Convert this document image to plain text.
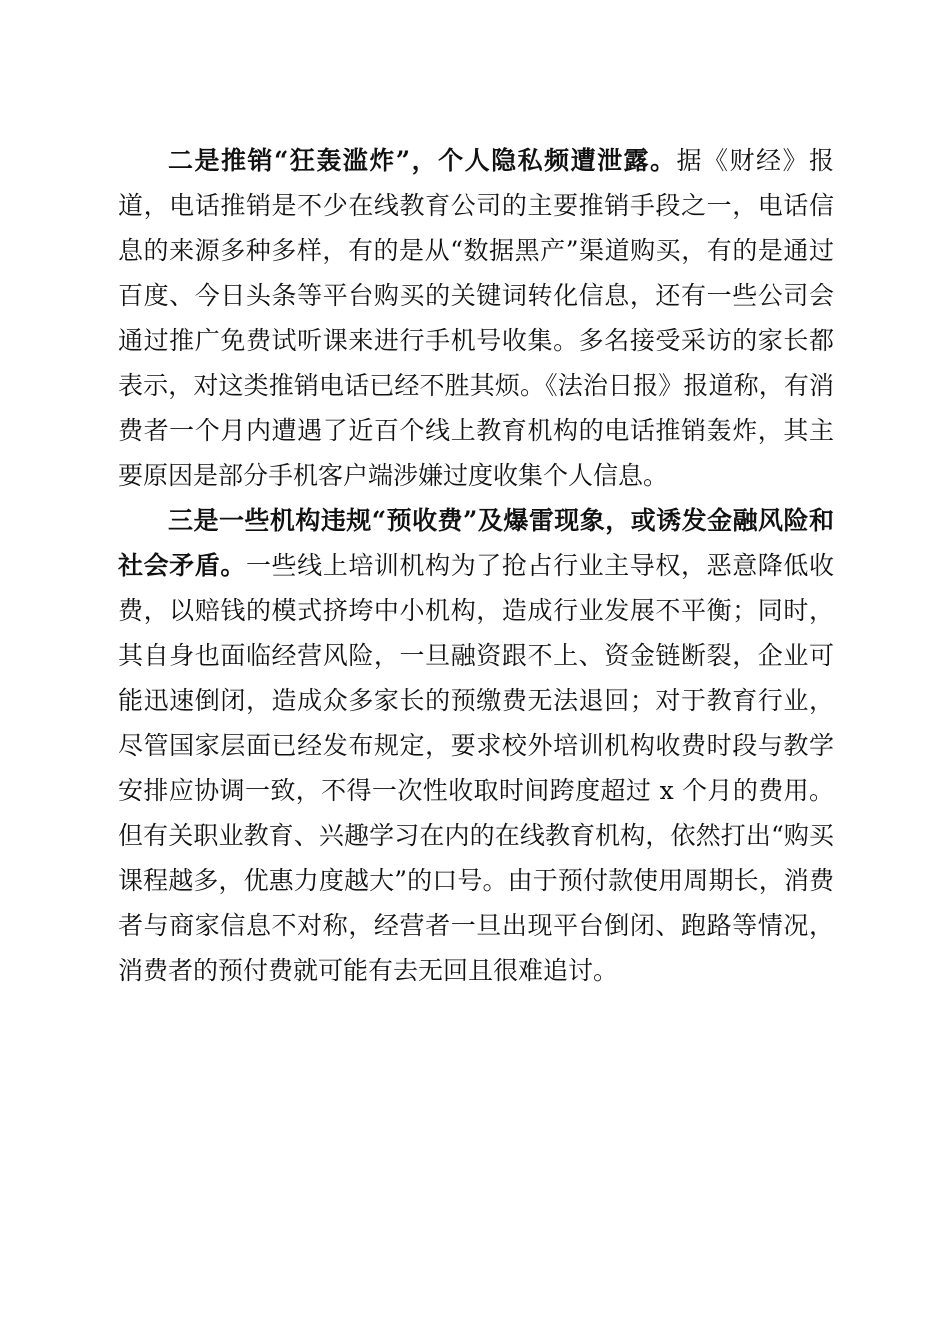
二是推销“狂轰滥炸”，个人隐私频遭泄露。据《财经》报道，电话推销是不少在线教育公司的主要推销手段之一，电话信息的来源多种多样，有的是从“数据黑产”渠道购买，有的是通过百度、今日头条等平台购买的关键词转化信息，还有一些公司会通过推广免费试听课来进行手机号收集。多名接受采访的家长都表示，对这类推销电话已经不胜其烦。《法治日报》报道称，有消费者一个月内遭遇了近百个线上教育机构的电话推销轰炸，其主要原因是部分手机客户端涉嫌过度收集个人信息。

三是一些机构违规“预收费”及爆雷现象，或诱发金融风险和社会矛盾。一些线上培训机构为了抢占行业主导权，恶意降低收费，以赔钱的模式挤垮中小机构，造成行业发展不平衡；同时，其自身也面临经营风险，一旦融资跟不上、资金链断裂，企业可能迅速倒闭，造成众多家长的预缴费无法退回；对于教育行业，尽管国家层面已经发布规定，要求校外培训机构收费时段与教学安排应协调一致，不得一次性收取时间跨度超过 x 个月的费用。但有关职业教育、兴趣学习在内的在线教育机构，依然打出“购买课程越多，优惠力度越大”的口号。由于预付款使用周期长，消费者与商家信息不对称，经营者一旦出现平台倒闭、跑路等情况，消费者的预付费就可能有去无回且很难追讨。
